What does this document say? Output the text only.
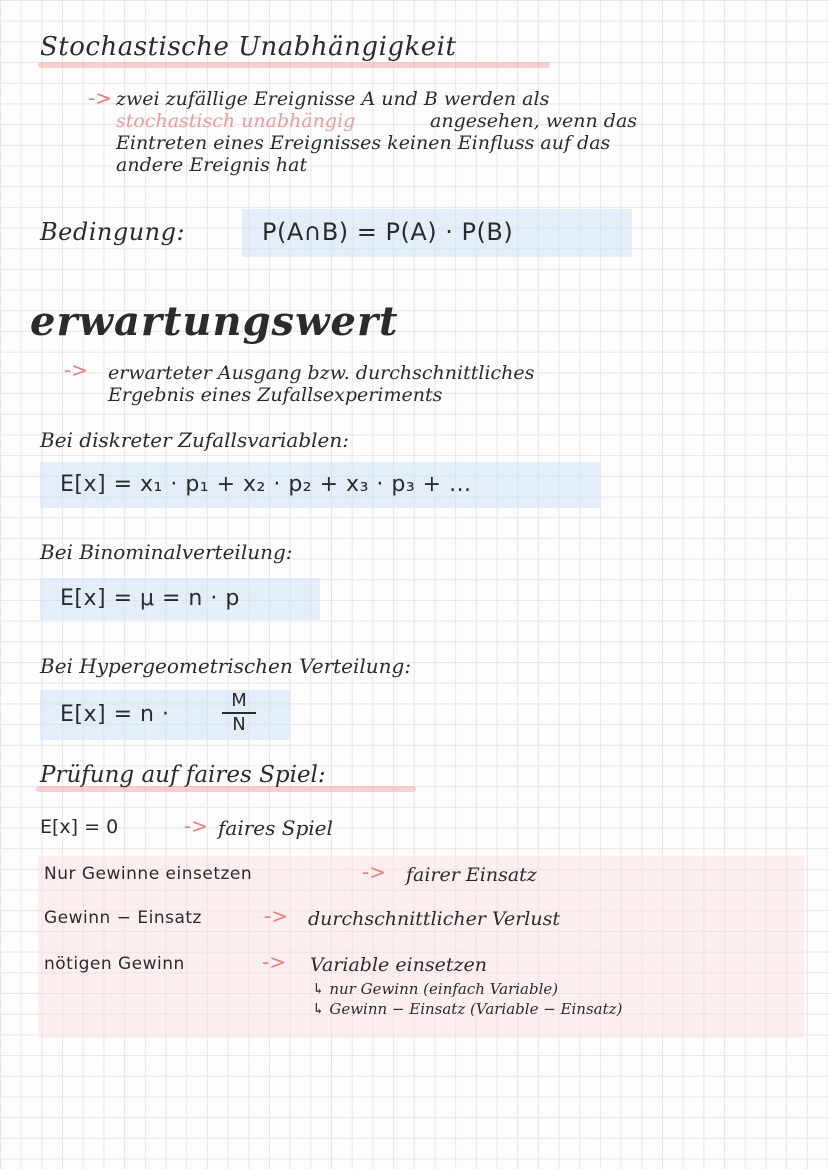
Stochastische Unabhängigkeit
-> zwei zufällige Ereignisse A und B werden als
stochastisch unabhängig	angesehen, wenn das
Eintreten eines Ereignisses keinen Einfluss auf das
andere Ereignis hat
Bedingung:	P(A∩B) = P(A) · P(B)
erwartungswert
-> erwarteter Ausgang bzw. durchschnittliches
Ergebnis eines Zufallsexperiments
Bei diskreter Zufallsvariablen:
E[x] = x₁ · p₁ + x₂ · p₂ + x₃ · p₃ + ...
Bei Binominalverteilung:
E[x] = μ = n · p
Bei Hypergeometrischen Verteilung:
E[x] = n ·
M
N
Prüfung auf faires Spiel:
E[x] = 0	-> faires Spiel
Nur Gewinne einsetzen	-> fairer Einsatz
Gewinn − Einsatz	-> durchschnittlicher Verlust
nötigen Gewinn	-> Variable einsetzen
↳ nur Gewinn (einfach Variable)
↳ Gewinn − Einsatz (Variable − Einsatz)
